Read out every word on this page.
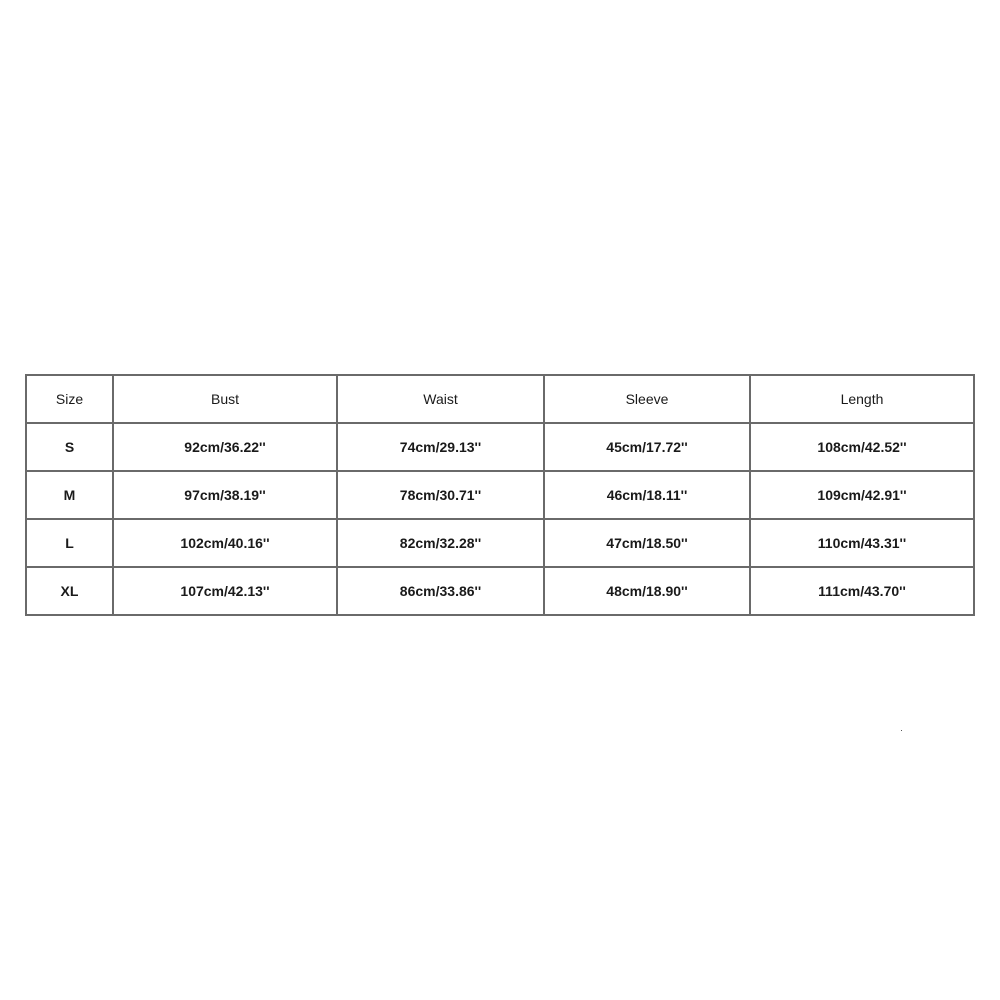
Size	Bust	Waist	Sleeve	Length
S	92cm/36.22''	74cm/29.13''	45cm/17.72''	108cm/42.52''
M	97cm/38.19''	78cm/30.71''	46cm/18.11''	109cm/42.91''
L	102cm/40.16''	82cm/32.28''	47cm/18.50''	110cm/43.31''
XL	107cm/42.13''	86cm/33.86''	48cm/18.90''	111cm/43.70''
